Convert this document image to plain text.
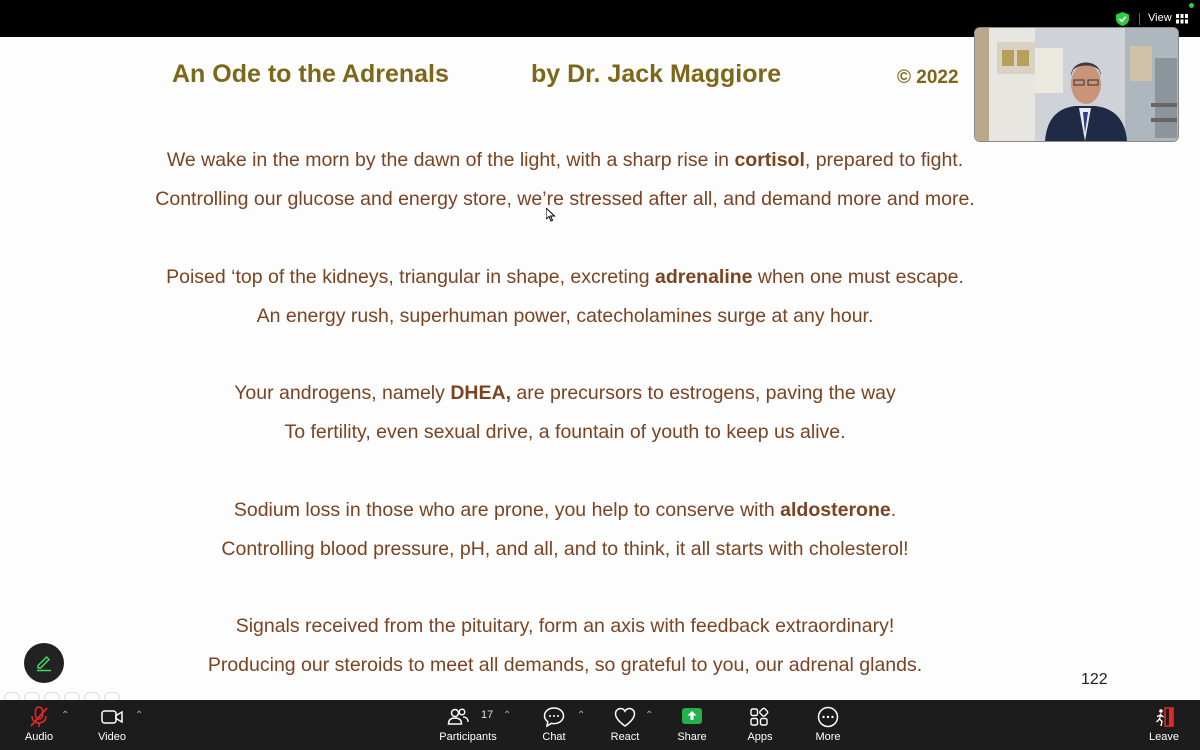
View
An Ode to the Adrenals	by Dr. Jack Maggiore	© 2022
We wake in the morn by the dawn of the light, with a sharp rise in cortisol, prepared to fight.
Controlling our glucose and energy store, we’re stressed after all, and demand more and more.
Poised ‘top of the kidneys, triangular in shape, excreting adrenaline when one must escape.
An energy rush, superhuman power, catecholamines surge at any hour.
Your androgens, namely DHEA, are precursors to estrogens, paving the way
To fertility, even sexual drive, a fountain of youth to keep us alive.
Sodium loss in those who are prone, you help to conserve with aldosterone.
Controlling blood pressure, pH, and all, and to think, it all starts with cholesterol!
Signals received from the pituitary, form an axis with feedback extraordinary!
Producing our steroids to meet all demands, so grateful to you, our adrenal glands.
122
Audio
⌃
Video
⌃
Participants
17 ⌃
Chat
⌃
React
⌃
Share	Apps	More	Leave
